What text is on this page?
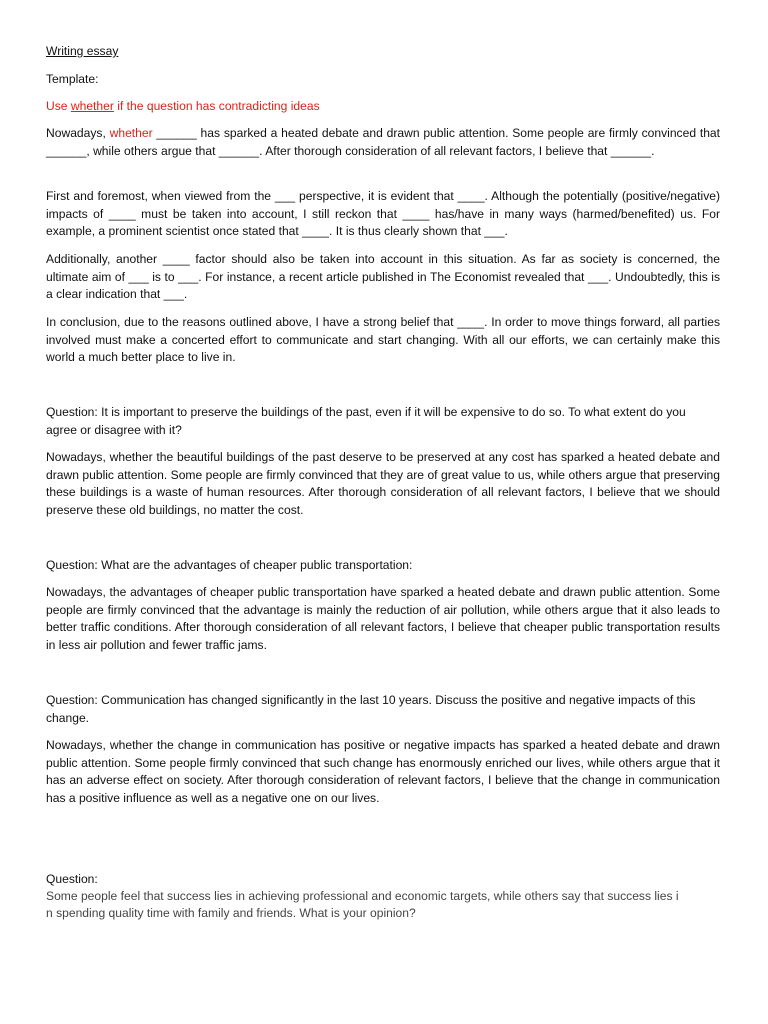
Writing essay

Template:

Use whether if the question has contradicting ideas

Nowadays, whether ______ has sparked a heated debate and drawn public attention. Some people are firmly convinced that ______, while others argue that ______. After thorough consideration of all relevant factors, I believe that ______.

First and foremost, when viewed from the ___ perspective, it is evident that ____. Although the potentially (positive/negative) impacts of ____ must be taken into account, I still reckon that ____ has/have in many ways (harmed/benefited) us. For example, a prominent scientist once stated that ____. It is thus clearly shown that ___.

Additionally, another ____ factor should also be taken into account in this situation. As far as society is concerned, the ultimate aim of ___ is to ___. For instance, a recent article published in The Economist revealed that ___. Undoubtedly, this is a clear indication that ___.

In conclusion, due to the reasons outlined above, I have a strong belief that ____. In order to move things forward, all parties involved must make a concerted effort to communicate and start changing. With all our efforts, we can certainly make this world a much better place to live in.

Question: It is important to preserve the buildings of the past, even if it will be expensive to do so. To what extent do you agree or disagree with it?

Nowadays, whether the beautiful buildings of the past deserve to be preserved at any cost has sparked a heated debate and drawn public attention. Some people are firmly convinced that they are of great value to us, while others argue that preserving these buildings is a waste of human resources. After thorough consideration of all relevant factors, I believe that we should preserve these old buildings, no matter the cost.

Question: What are the advantages of cheaper public transportation:

Nowadays, the advantages of cheaper public transportation have sparked a heated debate and drawn public attention. Some people are firmly convinced that the advantage is mainly the reduction of air pollution, while others argue that it also leads to better traffic conditions. After thorough consideration of all relevant factors, I believe that cheaper public transportation results in less air pollution and fewer traffic jams.

Question: Communication has changed significantly in the last 10 years. Discuss the positive and negative impacts of this change.

Nowadays, whether the change in communication has positive or negative impacts has sparked a heated debate and drawn public attention. Some people firmly convinced that such change has enormously enriched our lives, while others argue that it has an adverse effect on society. After thorough consideration of relevant factors, I believe that the change in communication has a positive influence as well as a negative one on our lives.

Question:

Some people feel that success lies in achieving professional and economic targets, while others say that success lies i

n spending quality time with family and friends. What is your opinion?
